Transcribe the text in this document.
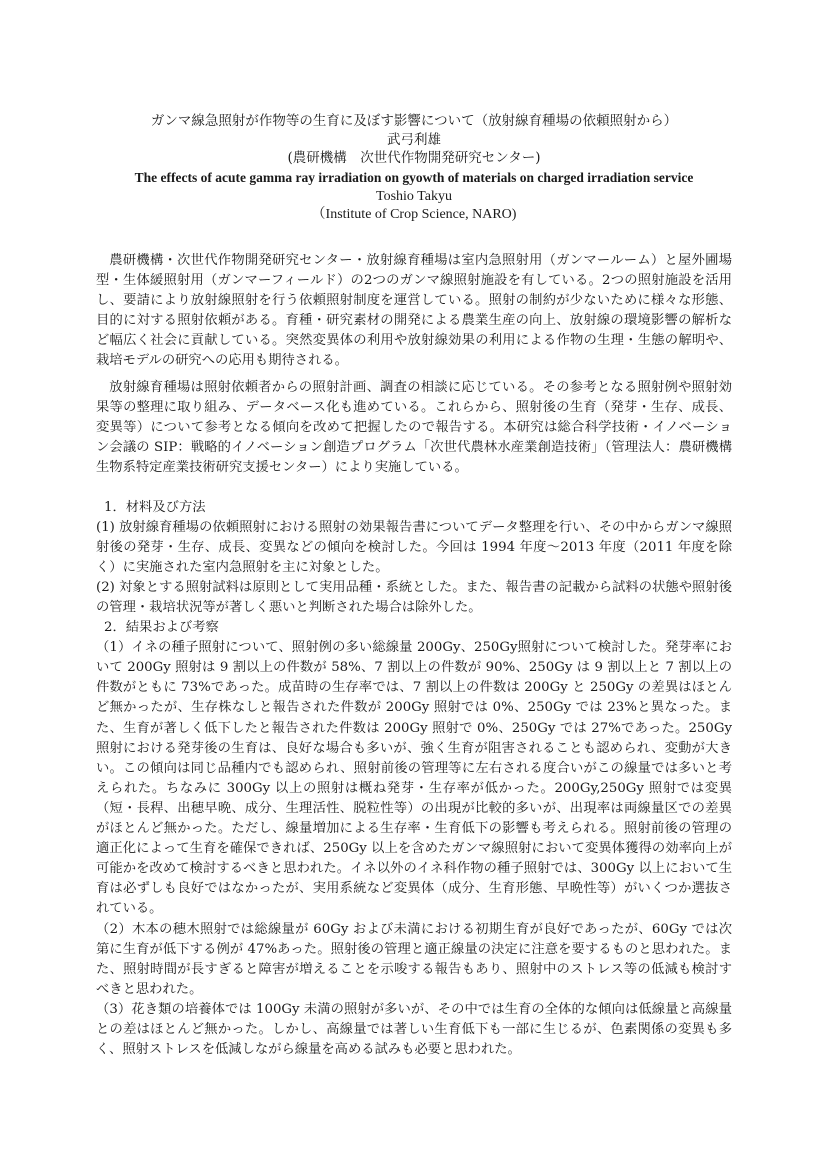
ガンマ線急照射が作物等の生育に及ぼす影響について（放射線育種場の依頼照射から）

武弓利雄

(農研機構　次世代作物開発研究センター)

The effects of acute gamma ray irradiation on gyowth of materials on charged irradiation service

Toshio Takyu

（Institute of Crop Science, NARO)

農研機構・次世代作物開発研究センター・放射線育種場は室内急照射用（ガンマールーム）と屋外圃場型・生体緩照射用（ガンマーフィールド）の2つのガンマ線照射施設を有している。2つの照射施設を活用し、要請により放射線照射を行う依頼照射制度を運営している。照射の制約が少ないために様々な形態、目的に対する照射依頼がある。育種・研究素材の開発による農業生産の向上、放射線の環境影響の解析など幅広く社会に貢献している。突然変異体の利用や放射線効果の利用による作物の生理・生態の解明や、栽培モデルの研究への応用も期待される。

放射線育種場は照射依頼者からの照射計画、調査の相談に応じている。その参考となる照射例や照射効果等の整理に取り組み、データベース化も進めている。これらから、照射後の生育（発芽・生存、成長、変異等）について参考となる傾向を改めて把握したので報告する。本研究は総合科学技術・イノベーション会議の SIP：戦略的イノベーション創造プログラム「次世代農林水産業創造技術」（管理法人：農研機構　生物系特定産業技術研究支援センター）により実施している。

1．材料及び方法

(1) 放射線育種場の依頼照射における照射の効果報告書についてデータ整理を行い、その中からガンマ線照射後の発芽・生存、成長、変異などの傾向を検討した。今回は 1994 年度～2013 年度（2011 年度を除く）に実施された室内急照射を主に対象とした。

(2) 対象とする照射試料は原則として実用品種・系統とした。また、報告書の記載から試料の状態や照射後の管理・栽培状況等が著しく悪いと判断された場合は除外した。

2．結果および考察

（1）イネの種子照射について、照射例の多い総線量 200Gy、250Gy照射について検討した。発芽率において 200Gy 照射は 9 割以上の件数が 58%、7 割以上の件数が 90%、250Gy は 9 割以上と 7 割以上の件数がともに 73%であった。成苗時の生存率では、7 割以上の件数は 200Gy と 250Gy の差異はほとんど無かったが、生存株なしと報告された件数が 200Gy 照射では 0%、250Gy では 23%と異なった。また、生育が著しく低下したと報告された件数は 200Gy 照射で 0%、250Gy では 27%であった。250Gy 照射における発芽後の生育は、良好な場合も多いが、強く生育が阻害されることも認められ、変動が大きい。この傾向は同じ品種内でも認められ、照射前後の管理等に左右される度合いがこの線量では多いと考えられた。ちなみに 300Gy 以上の照射は概ね発芽・生存率が低かった。200Gy,250Gy 照射では変異（短・長稈、出穂早晩、成分、生理活性、脱粒性等）の出現が比較的多いが、出現率は両線量区での差異がほとんど無かった。ただし、線量増加による生存率・生育低下の影響も考えられる。照射前後の管理の適正化によって生育を確保できれば、250Gy 以上を含めたガンマ線照射において変異体獲得の効率向上が可能かを改めて検討するべきと思われた。イネ以外のイネ科作物の種子照射では、300Gy 以上において生育は必ずしも良好ではなかったが、実用系統など変異体（成分、生育形態、早晩性等）がいくつか選抜されている。

（2）木本の穂木照射では総線量が 60Gy および未満における初期生育が良好であったが、60Gy では次第に生育が低下する例が 47%あった。照射後の管理と適正線量の決定に注意を要するものと思われた。また、照射時間が長すぎると障害が増えることを示唆する報告もあり、照射中のストレス等の低減も検討すべきと思われた。

（3）花き類の培養体では 100Gy 未満の照射が多いが、その中では生育の全体的な傾向は低線量と高線量との差はほとんど無かった。しかし、高線量では著しい生育低下も一部に生じるが、色素関係の変異も多く、照射ストレスを低減しながら線量を高める試みも必要と思われた。
